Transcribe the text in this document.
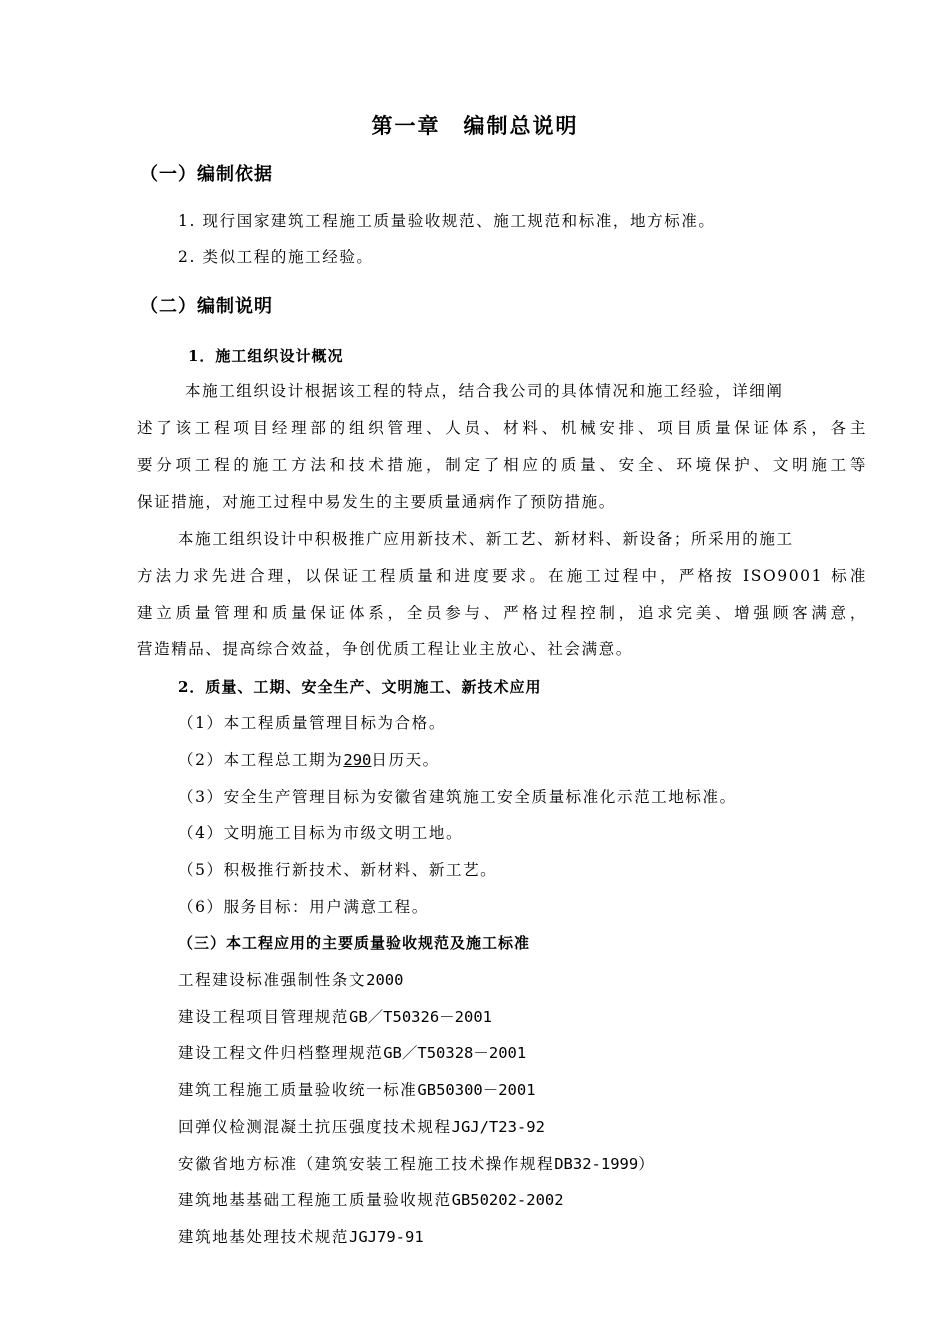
第一章　编制总说明
（一）编制依据
1. 现行国家建筑工程施工质量验收规范、施工规范和标准，地方标准。
2. 类似工程的施工经验。
（二）编制说明
1．施工组织设计概况
本施工组织设计根据该工程的特点，结合我公司的具体情况和施工经验，详细阐
述了该工程项目经理部的组织管理、人员、材料、机械安排、项目质量保证体系，各主
要分项工程的施工方法和技术措施，制定了相应的质量、安全、环境保护、文明施工等
保证措施，对施工过程中易发生的主要质量通病作了预防措施。
本施工组织设计中积极推广应用新技术、新工艺、新材料、新设备；所采用的施工
方法力求先进合理，以保证工程质量和进度要求。在施工过程中，严格按 ISO9001 标准
建立质量管理和质量保证体系，全员参与、严格过程控制，追求完美、增强顾客满意，
营造精品、提高综合效益，争创优质工程让业主放心、社会满意。
2．质量、工期、安全生产、文明施工、新技术应用
（1）本工程质量管理目标为合格。
（2）本工程总工期为290日历天。
（3）安全生产管理目标为安徽省建筑施工安全质量标准化示范工地标准。
（4）文明施工目标为市级文明工地。
（5）积极推行新技术、新材料、新工艺。
（6）服务目标：用户满意工程。
（三）本工程应用的主要质量验收规范及施工标准
工程建设标准强制性条文2000
建设工程项目管理规范GB／T50326－2001
建设工程文件归档整理规范GB／T50328－2001
建筑工程施工质量验收统一标准GB50300－2001
回弹仪检测混凝土抗压强度技术规程JGJ/T23-92
安徽省地方标准（建筑安装工程施工技术操作规程DB32-1999）
建筑地基基础工程施工质量验收规范GB50202-2002
建筑地基处理技术规范JGJ79-91
